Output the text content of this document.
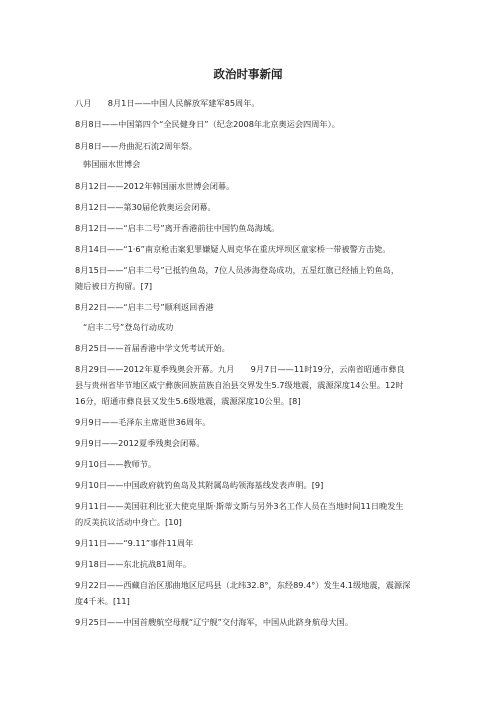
政治时事新闻
八月　　8月1日——中国人民解放军建军85周年。
8月8日——中国第四个“全民健身日”（纪念2008年北京奥运会四周年）。
8月8日——舟曲泥石流2周年祭。
韩国丽水世博会
8月12日——2012年韩国丽水世博会闭幕。
8月12日——第30届伦敦奥运会闭幕。
8月12日——“启丰二号”离开香港前往中国钓鱼岛海域。
8月14日——“1·6”南京枪击案犯罪嫌疑人周克华在重庆坪坝区童家桥一带被警方击毙。
8月15日——“启丰二号”已抵钓鱼岛，7位人员涉海登岛成功，五星红旗已经插上钓鱼岛，
随后被日方拘留。[7]
8月22日——“启丰二号”顺利返回香港
“启丰二号”登岛行动成功
8月25日——首届香港中学文凭考试开始。
8月29日——2012年夏季残奥会开幕。九月　　9月7日——11时19分，云南省昭通市彝良
县与贵州省毕节地区威宁彝族回族苗族自治县交界发生5.7级地震，震源深度14公里。12时
16分，昭通市彝良县又发生5.6级地震，震源深度10公里。[8]
9月9日——毛泽东主席逝世36周年。
9月9日——2012夏季残奥会闭幕。
9月10日——教师节。
9月10日——中国政府就钓鱼岛及其附属岛屿领海基线发表声明。[9]
9月11日——美国驻利比亚大使克里斯·斯蒂文斯与另外3名工作人员在当地时间11日晚发生
的反美抗议活动中身亡。[10]
9月11日——“9.11”事件11周年
9月18日——东北抗战81周年。
9月22日——西藏自治区那曲地区尼玛县（北纬32.8°，东经89.4°）发生4.1级地震，震源深
度4千米。[11]
9月25日——中国首艘航空母舰“辽宁舰”交付海军，中国从此跻身航母大国。
